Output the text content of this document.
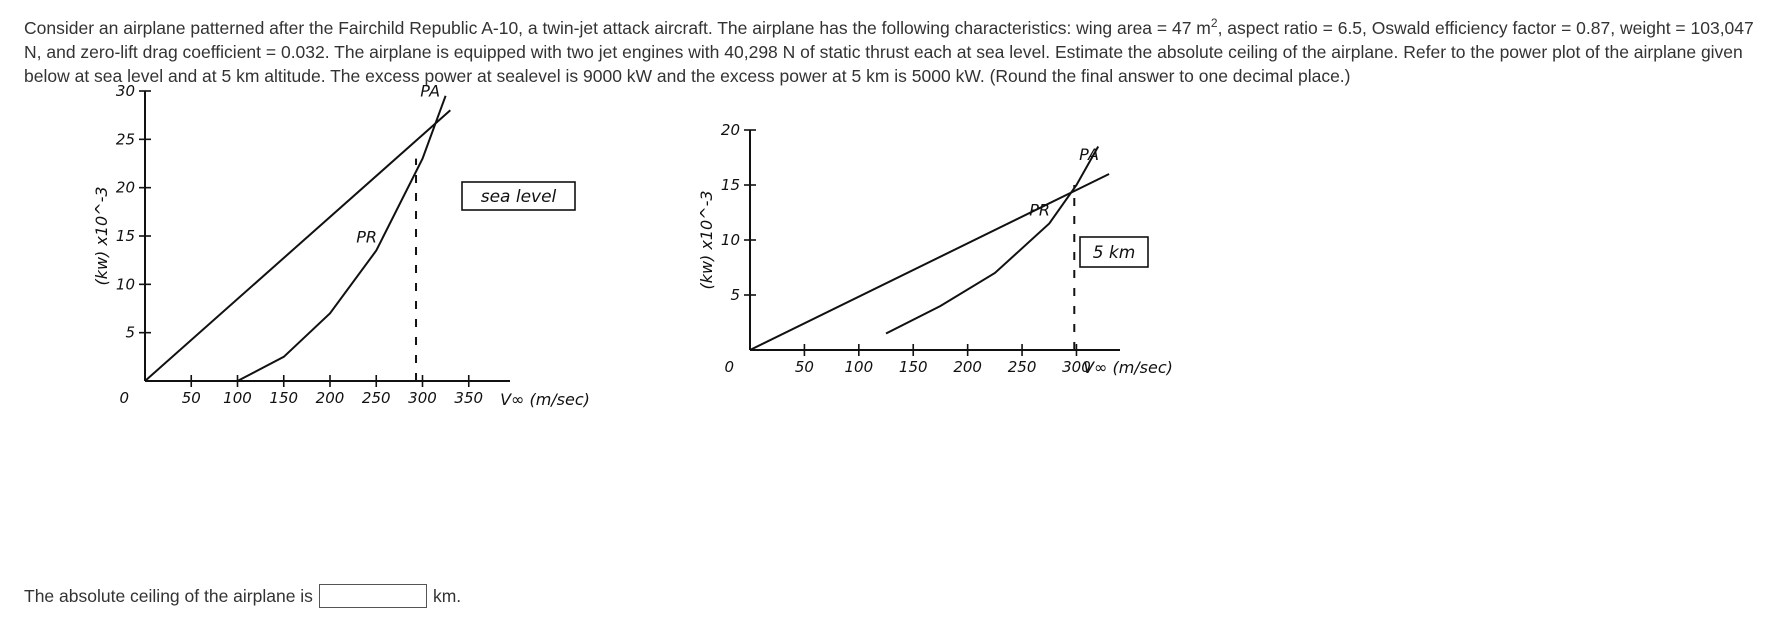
Consider an airplane patterned after the Fairchild Republic A-10, a twin-jet attack aircraft. The airplane has the following characteristics: wing area = 47 $m^2$, aspect ratio = 6.5, Oswald efficiency factor = 0.87, weight = 103,047 N, and zero-lift drag coefficient = 0.032. The airplane is equipped with two jet engines with 40,298 N of static thrust each at sea level. Estimate the absolute ceiling of the airplane. Refer to the power plot of the airplane given below at sea level and at 5 km altitude. The excess power at sealevel is 9000 kW and the excess power at 5 km is 5000 kW. (Round the final answer to one decimal place.)

50 100 150 200 250 300 350
0
5
10
15
20
25
30
(kw) x10^-3
V∞ (m/sec)
PA
PR
sea level
50 100 150 200 250 300
0
5
10
15
20
(kw) x10^-3
V∞ (m/sec)
PA
PR
5 km
The absolute ceiling of the airplane is	km.
